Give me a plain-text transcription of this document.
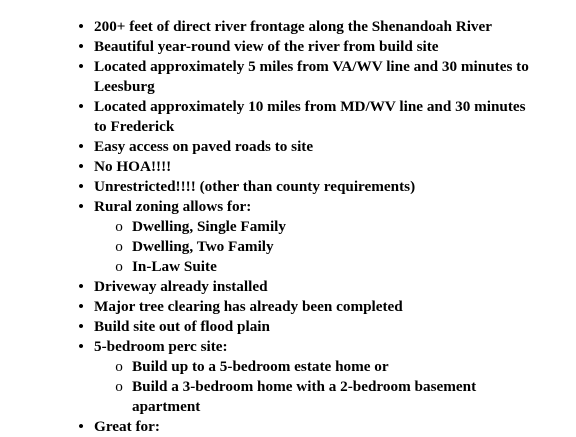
• 200+ feet of direct river frontage along the Shenandoah River
• Beautiful year-round view of the river from build site
• Located approximately 5 miles from VA/WV line and 30 minutes to
Leesburg
• Located approximately 10 miles from MD/WV line and 30 minutes
to Frederick
• Easy access on paved roads to site
• No HOA!!!!
• Unrestricted!!!! (other than county requirements)
• Rural zoning allows for:
o Dwelling, Single Family
o Dwelling, Two Family
o In-Law Suite
• Driveway already installed
• Major tree clearing has already been completed
• Build site out of flood plain
• 5-bedroom perc site:
o Build up to a 5-bedroom estate home or
o Build a 3-bedroom home with a 2-bedroom basement
apartment
• Great for:
